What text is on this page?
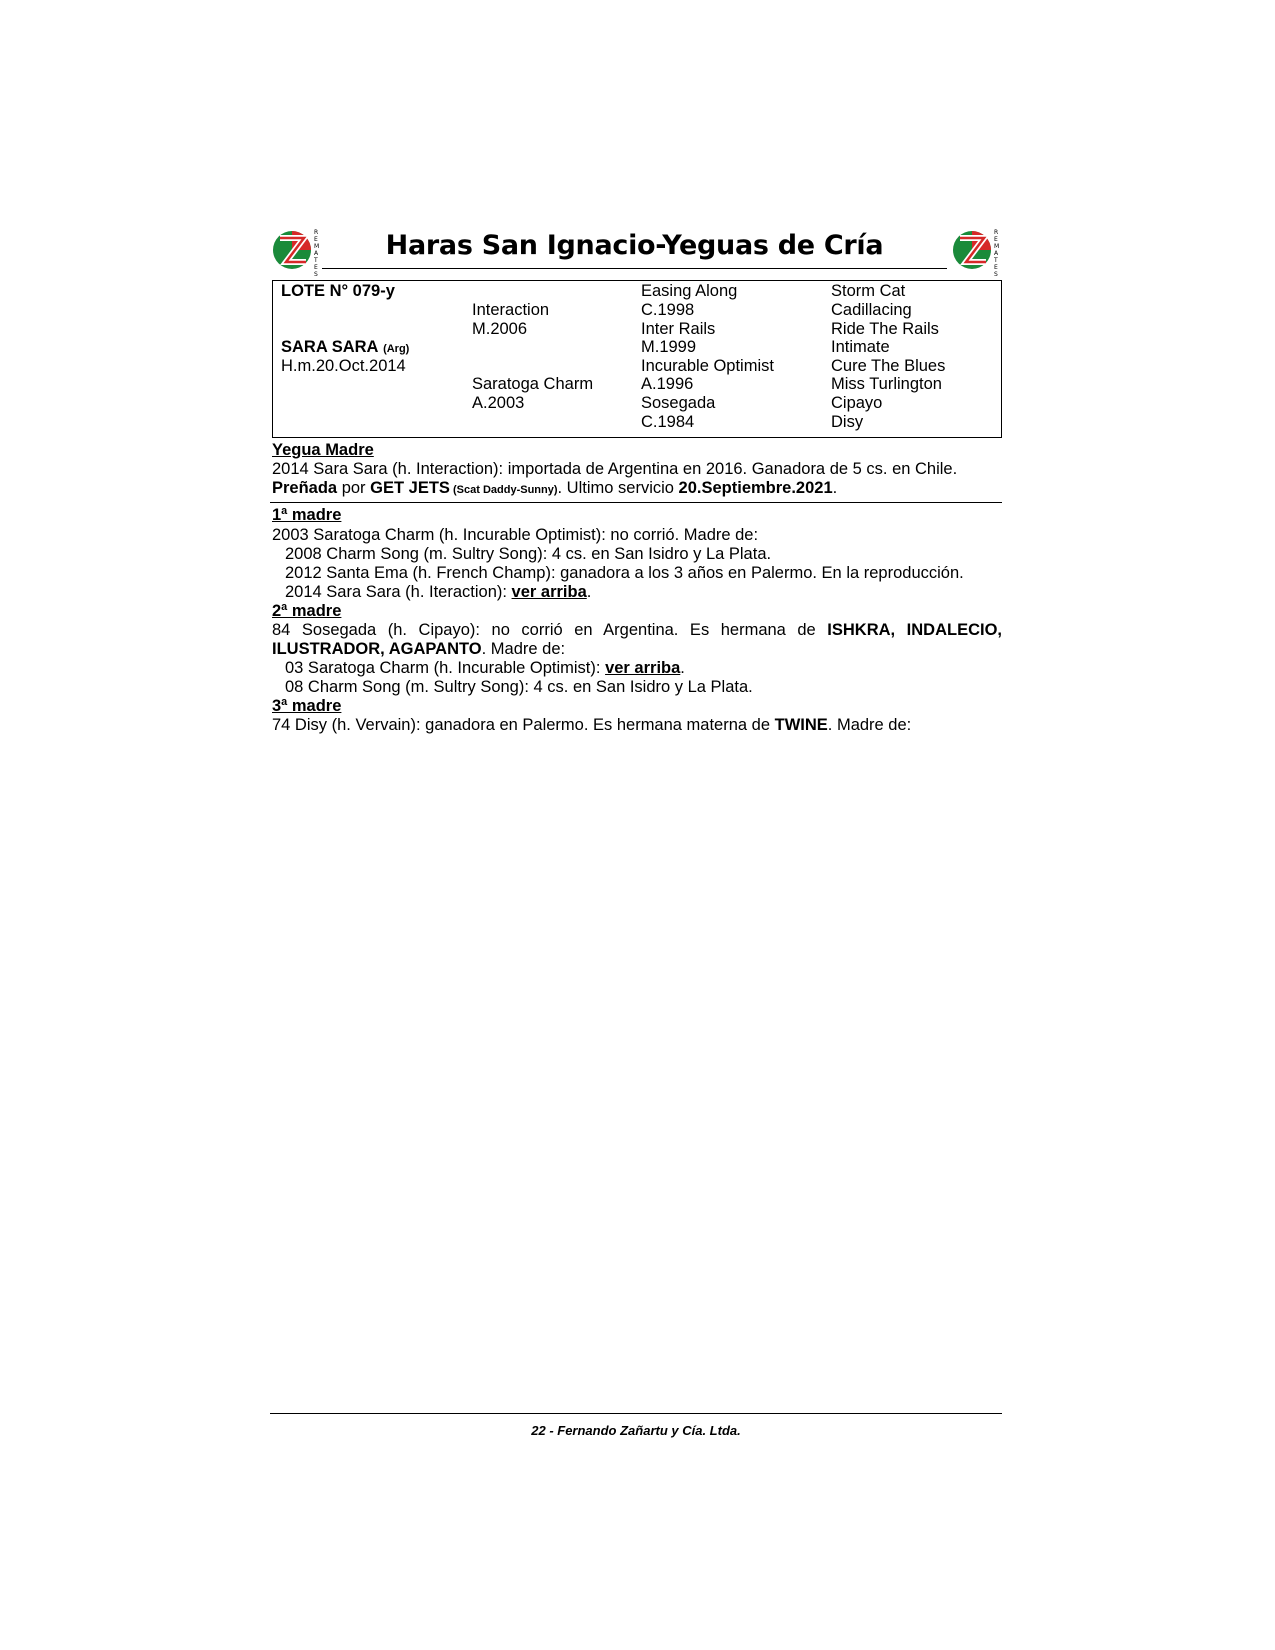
R
E
M
A
T
E
S
R
E
M
A
T
E
S
Haras San Ignacio-Yeguas de Cría
LOTE N° 079-y
SARA SARA (Arg)
H.m.20.Oct.2014
Interaction
M.2006
Saratoga Charm
A.2003
Easing Along
C.1998
Inter Rails
M.1999
Incurable Optimist
A.1996
Sosegada
C.1984
Storm Cat
Cadillacing
Ride The Rails
Intimate
Cure The Blues
Miss Turlington
Cipayo
Disy
Yegua Madre
2014 Sara Sara (h. Interaction): importada de Argentina en 2016. Ganadora de 5 cs. en Chile.
Preñada por GET JETS (Scat Daddy-Sunny). Ultimo servicio 20.Septiembre.2021.
1ª madre
2003 Saratoga Charm (h. Incurable Optimist): no corrió. Madre de:
2008 Charm Song (m. Sultry Song): 4 cs. en San Isidro y La Plata.
2012 Santa Ema (h. French Champ): ganadora a los 3 años en Palermo. En la reproducción.
2014 Sara Sara (h. Iteraction): ver arriba.
2ª madre
84 Sosegada (h. Cipayo): no corrió en Argentina. Es hermana de ISHKRA, INDALECIO,
ILUSTRADOR, AGAPANTO. Madre de:
03 Saratoga Charm (h. Incurable Optimist): ver arriba.
08 Charm Song (m. Sultry Song): 4 cs. en San Isidro y La Plata.
3ª madre
74 Disy (h. Vervain): ganadora en Palermo. Es hermana materna de TWINE. Madre de:
22 - Fernando Zañartu y Cía. Ltda.
